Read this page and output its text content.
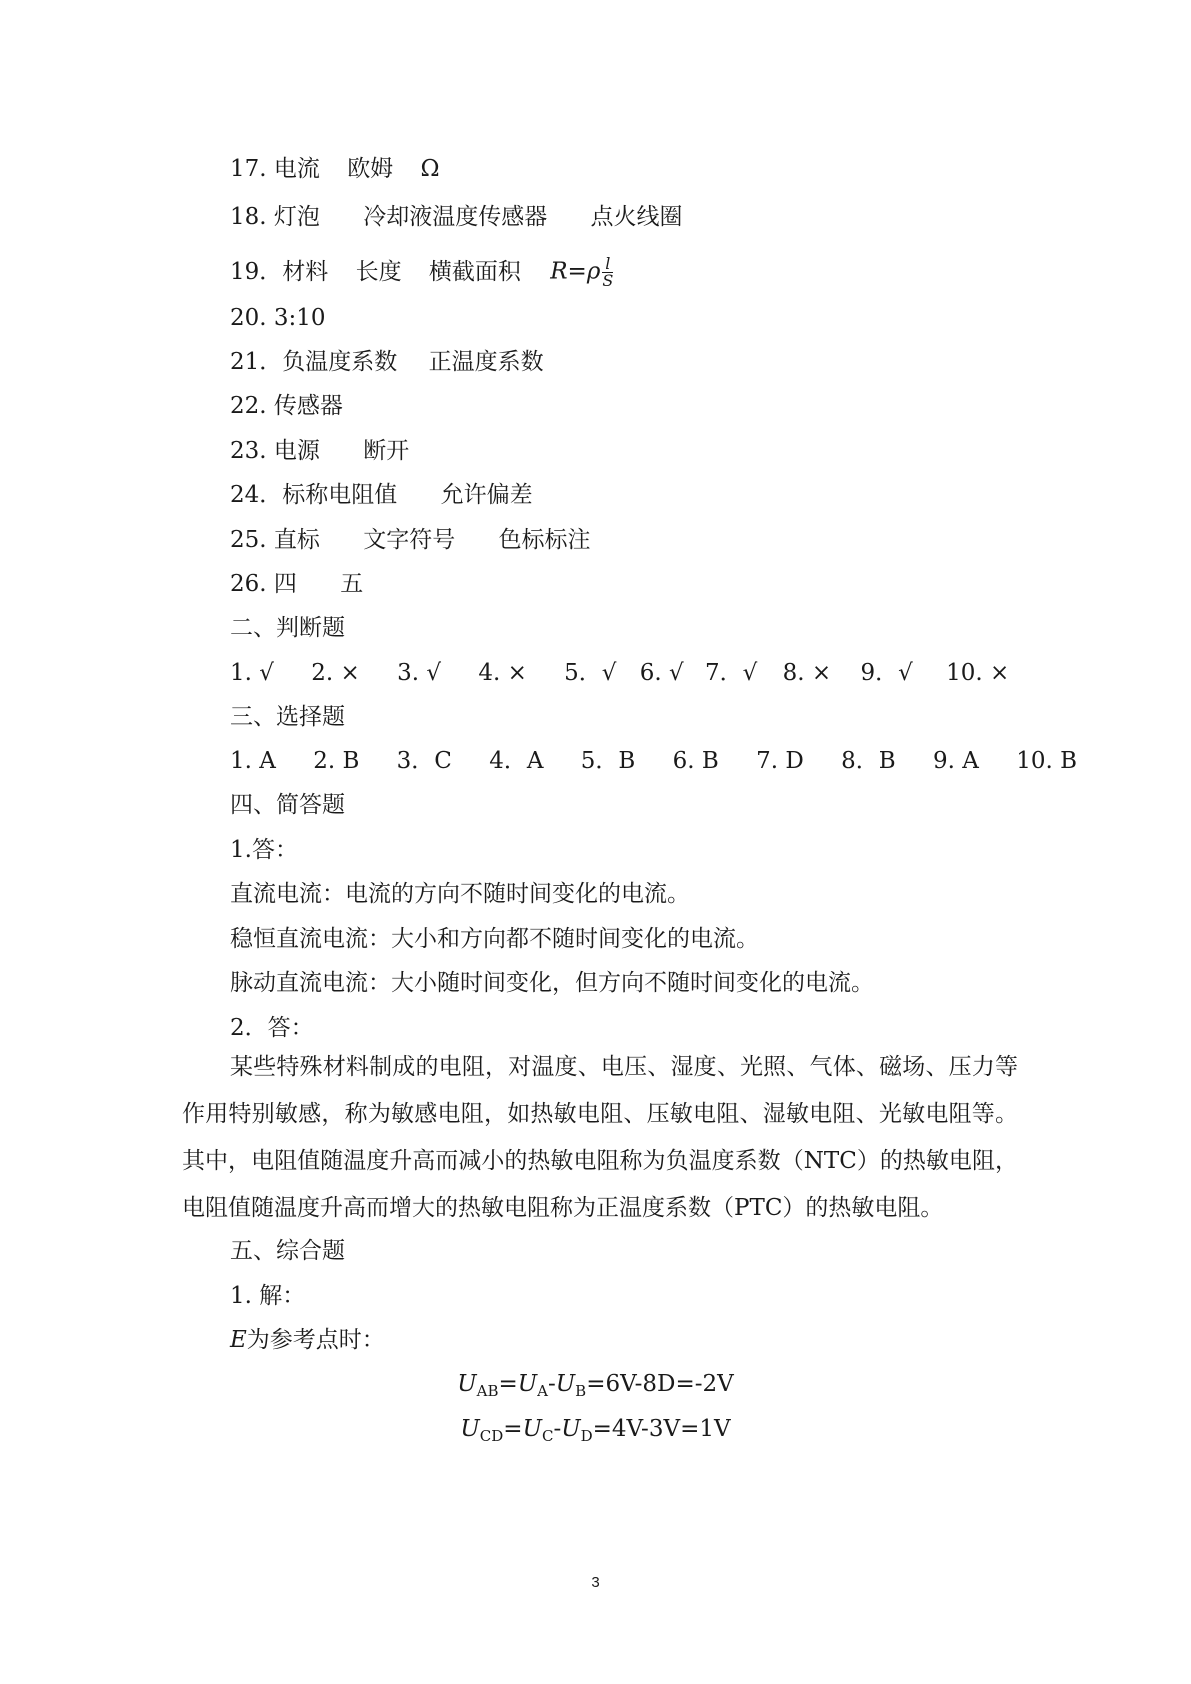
17. 电流 欧姆 Ω
18. 灯泡 冷却液温度传感器 点火线圈
19．材料 长度 横截面积 $R=\rho \frac{l}{S}$
20. 3:10
21．负温度系数 正温度系数
22. 传感器
23. 电源 断开
24．标称电阻值 允许偏差
25. 直标 文字符号 色标标注
26. 四 五
二、判断题
1. √ 2. × 3. √ 4. × 5．√ 6. √ 7．√ 8. × 9．√ 10. ×
三、选择题
1. A 2. B 3．C 4．A 5．B 6. B 7. D 8．B 9. A 10. B
四、简答题
1.答：
直流电流：电流的方向不随时间变化的电流。
稳恒直流电流：大小和方向都不随时间变化的电流。
脉动直流电流：大小随时间变化，但方向不随时间变化的电流。
2．答：
某些特殊材料制成的电阻，对温度、电压、湿度、光照、气体、磁场、压力等作用特别敏感，称为敏感电阻，如热敏电阻、压敏电阻、湿敏电阻、光敏电阻等。其中，电阻值随温度升高而减小的热敏电阻称为负温度系数（NTC）的热敏电阻，电阻值随温度升高而增大的热敏电阻称为正温度系数（PTC）的热敏电阻。
五、综合题
1. 解：
E为参考点时：
$U_{AB}=U_A-U_B=6V-8D=-2V$
$U_{CD}=U_C-U_D=4V-3V=1V$
3
